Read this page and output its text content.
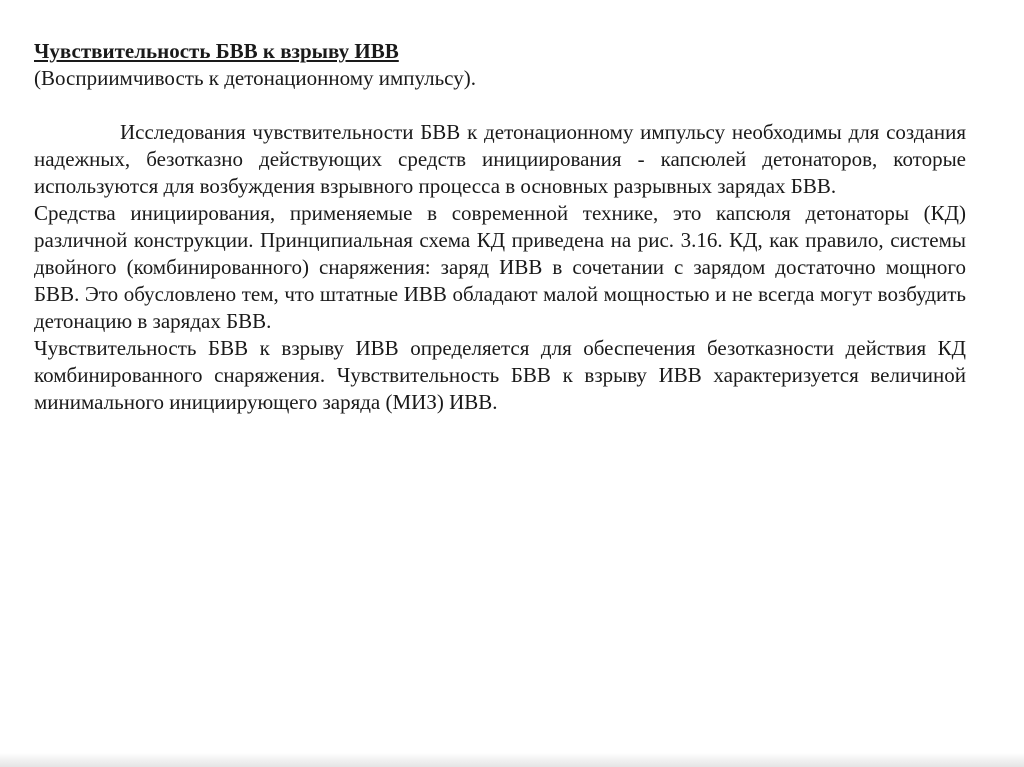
Чувствительность БВВ к взрыву ИВВ

(Восприимчивость к детонационному импульсу).

Исследования чувствительности БВВ к детонационному импульсу необходимы для создания надежных, безотказно действующих средств инициирования - капсюлей детонаторов, которые используются для возбуждения взрывного процесса в основных разрывных зарядах БВВ.

Средства инициирования, применяемые в современной технике, это капсюля детонаторы (КД) различной конструкции. Принципиальная схема КД приведена на рис. 3.16. КД, как правило, системы двойного (комбинированного) снаряжения: заряд ИВВ в сочетании с зарядом достаточно мощного БВВ. Это обусловлено тем, что штатные ИВВ обладают малой мощностью и не всегда могут возбудить детонацию в зарядах БВВ.

Чувствительность БВВ к взрыву ИВВ определяется для обеспечения безотказности действия КД комбинированного снаряжения. Чувствительность БВВ к взрыву ИВВ характеризуется величиной минимального инициирующего заряда (МИЗ) ИВВ.
